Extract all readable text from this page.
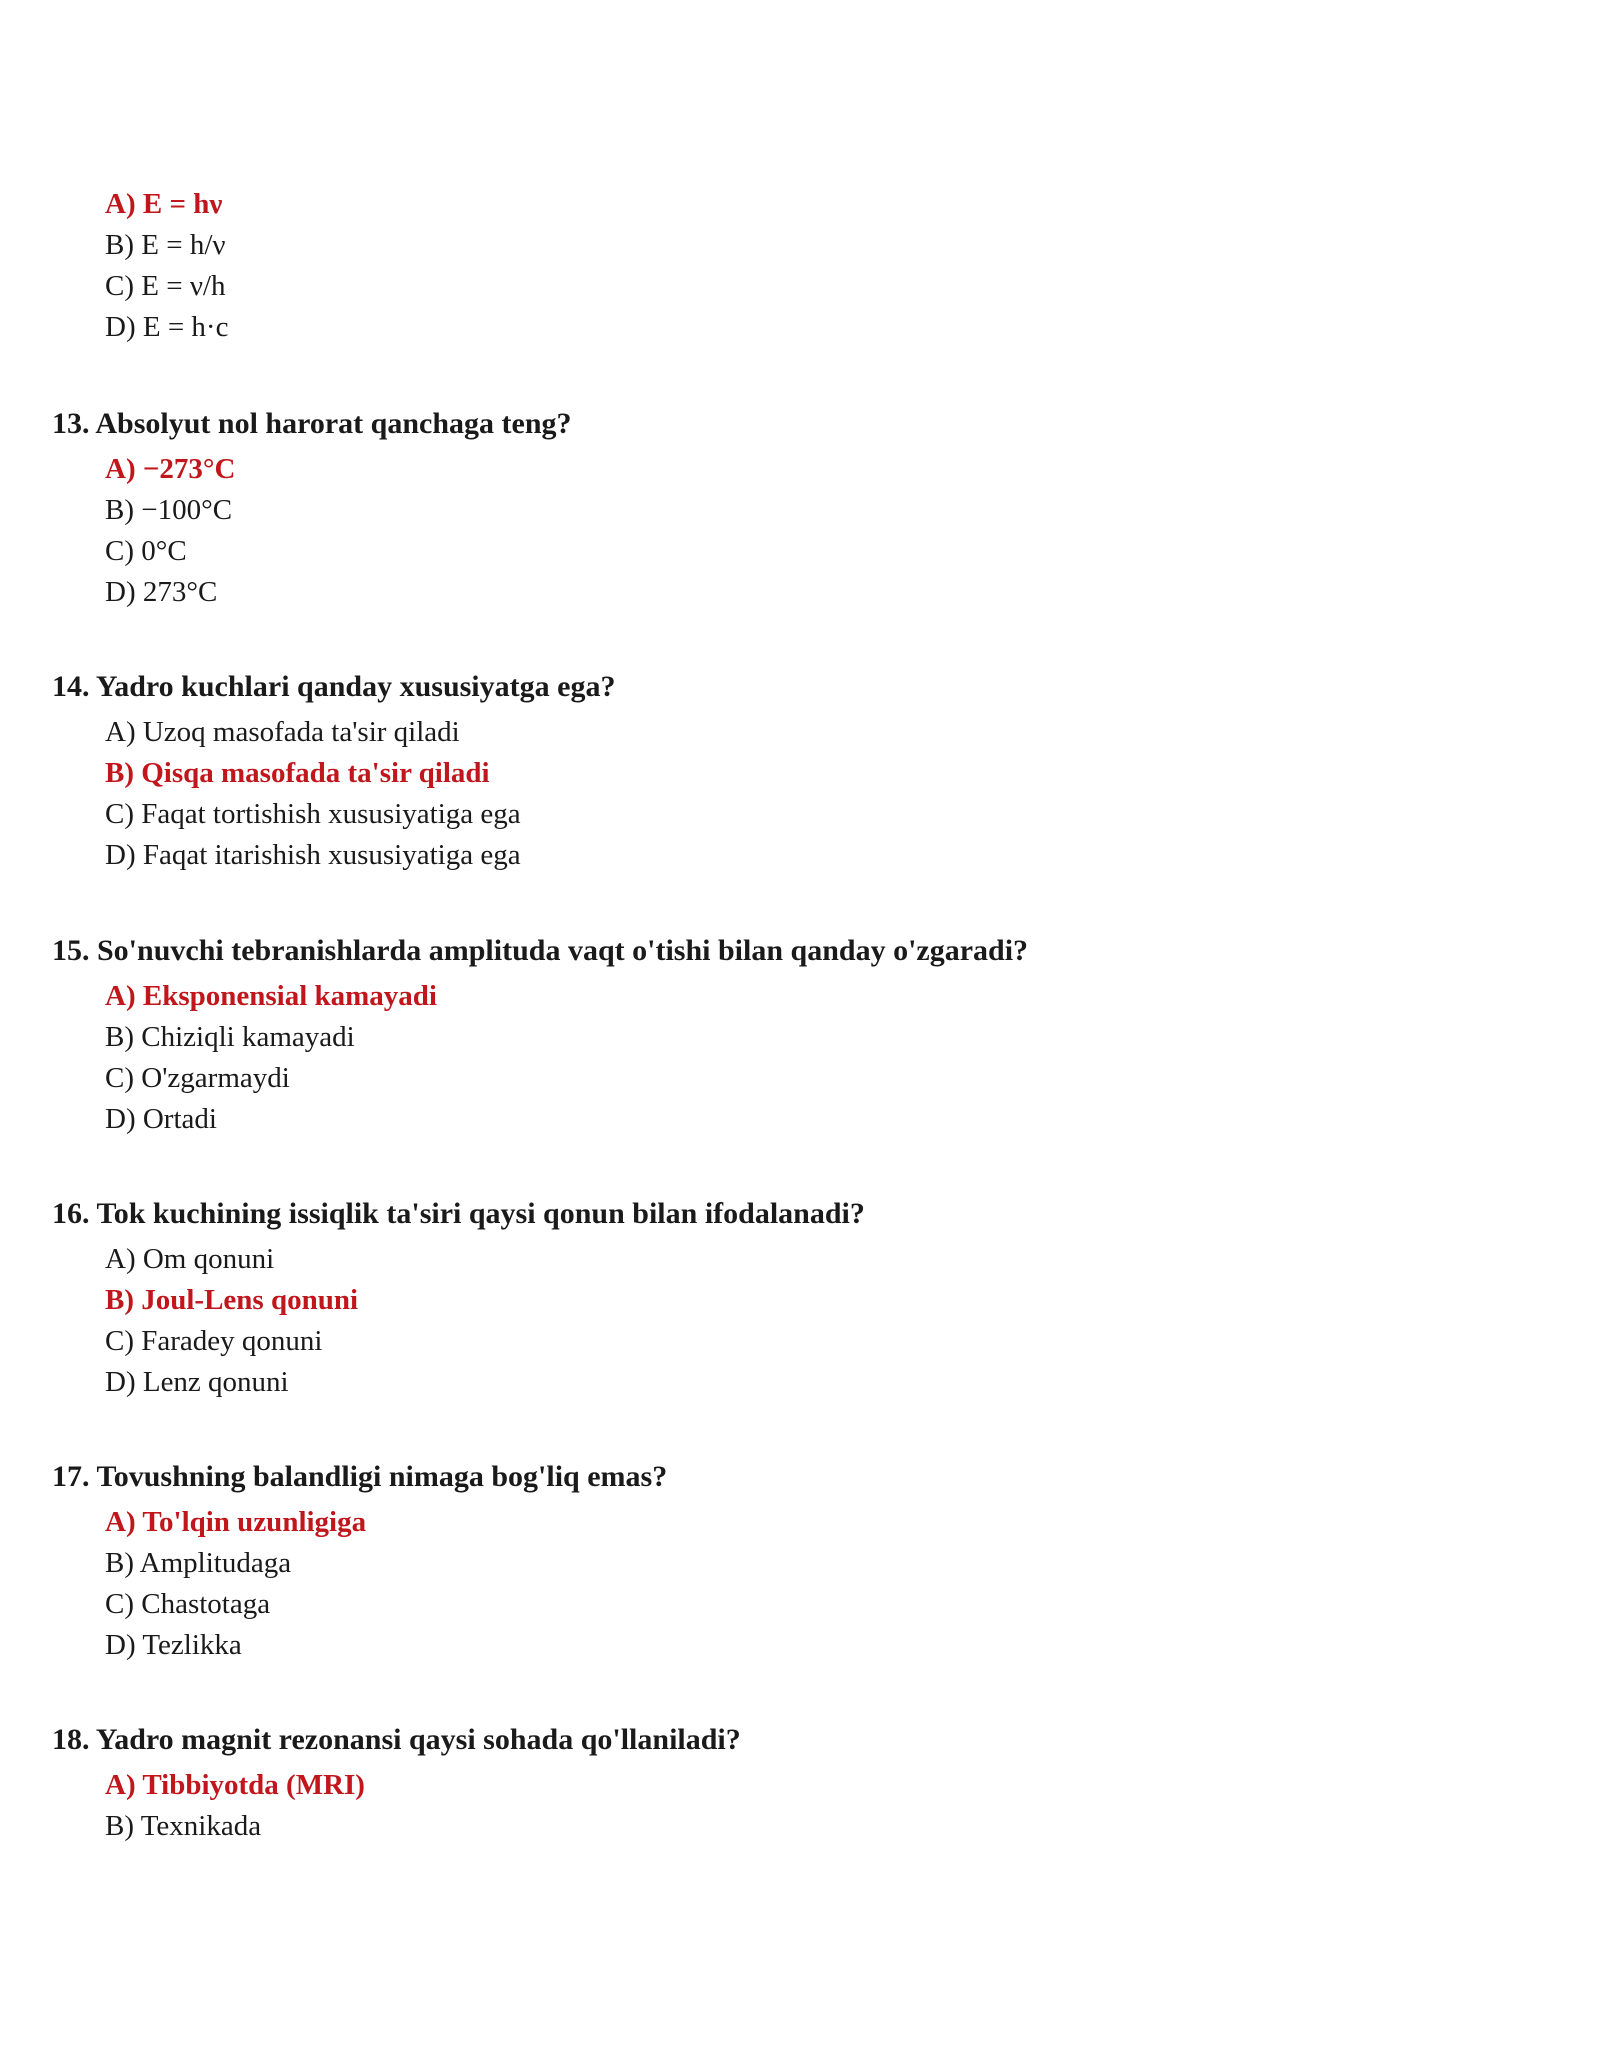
A) E = hν
B) E = h/ν
C) E = ν/h
D) E = h·c
13. Absolyut nol harorat qanchaga teng?
A) −273°C
B) −100°C
C) 0°C
D) 273°C
14. Yadro kuchlari qanday xususiyatga ega?
A) Uzoq masofada ta'sir qiladi
B) Qisqa masofada ta'sir qiladi
C) Faqat tortishish xususiyatiga ega
D) Faqat itarishish xususiyatiga ega
15. So'nuvchi tebranishlarda amplituda vaqt o'tishi bilan qanday o'zgaradi?
A) Eksponensial kamayadi
B) Chiziqli kamayadi
C) O'zgarmaydi
D) Ortadi
16. Tok kuchining issiqlik ta'siri qaysi qonun bilan ifodalanadi?
A) Om qonuni
B) Joul-Lens qonuni
C) Faradey qonuni
D) Lenz qonuni
17. Tovushning balandligi nimaga bog'liq emas?
A) To'lqin uzunligiga
B) Amplitudaga
C) Chastotaga
D) Tezlikka
18. Yadro magnit rezonansi qaysi sohada qo'llaniladi?
A) Tibbiyotda (MRI)
B) Texnikada
